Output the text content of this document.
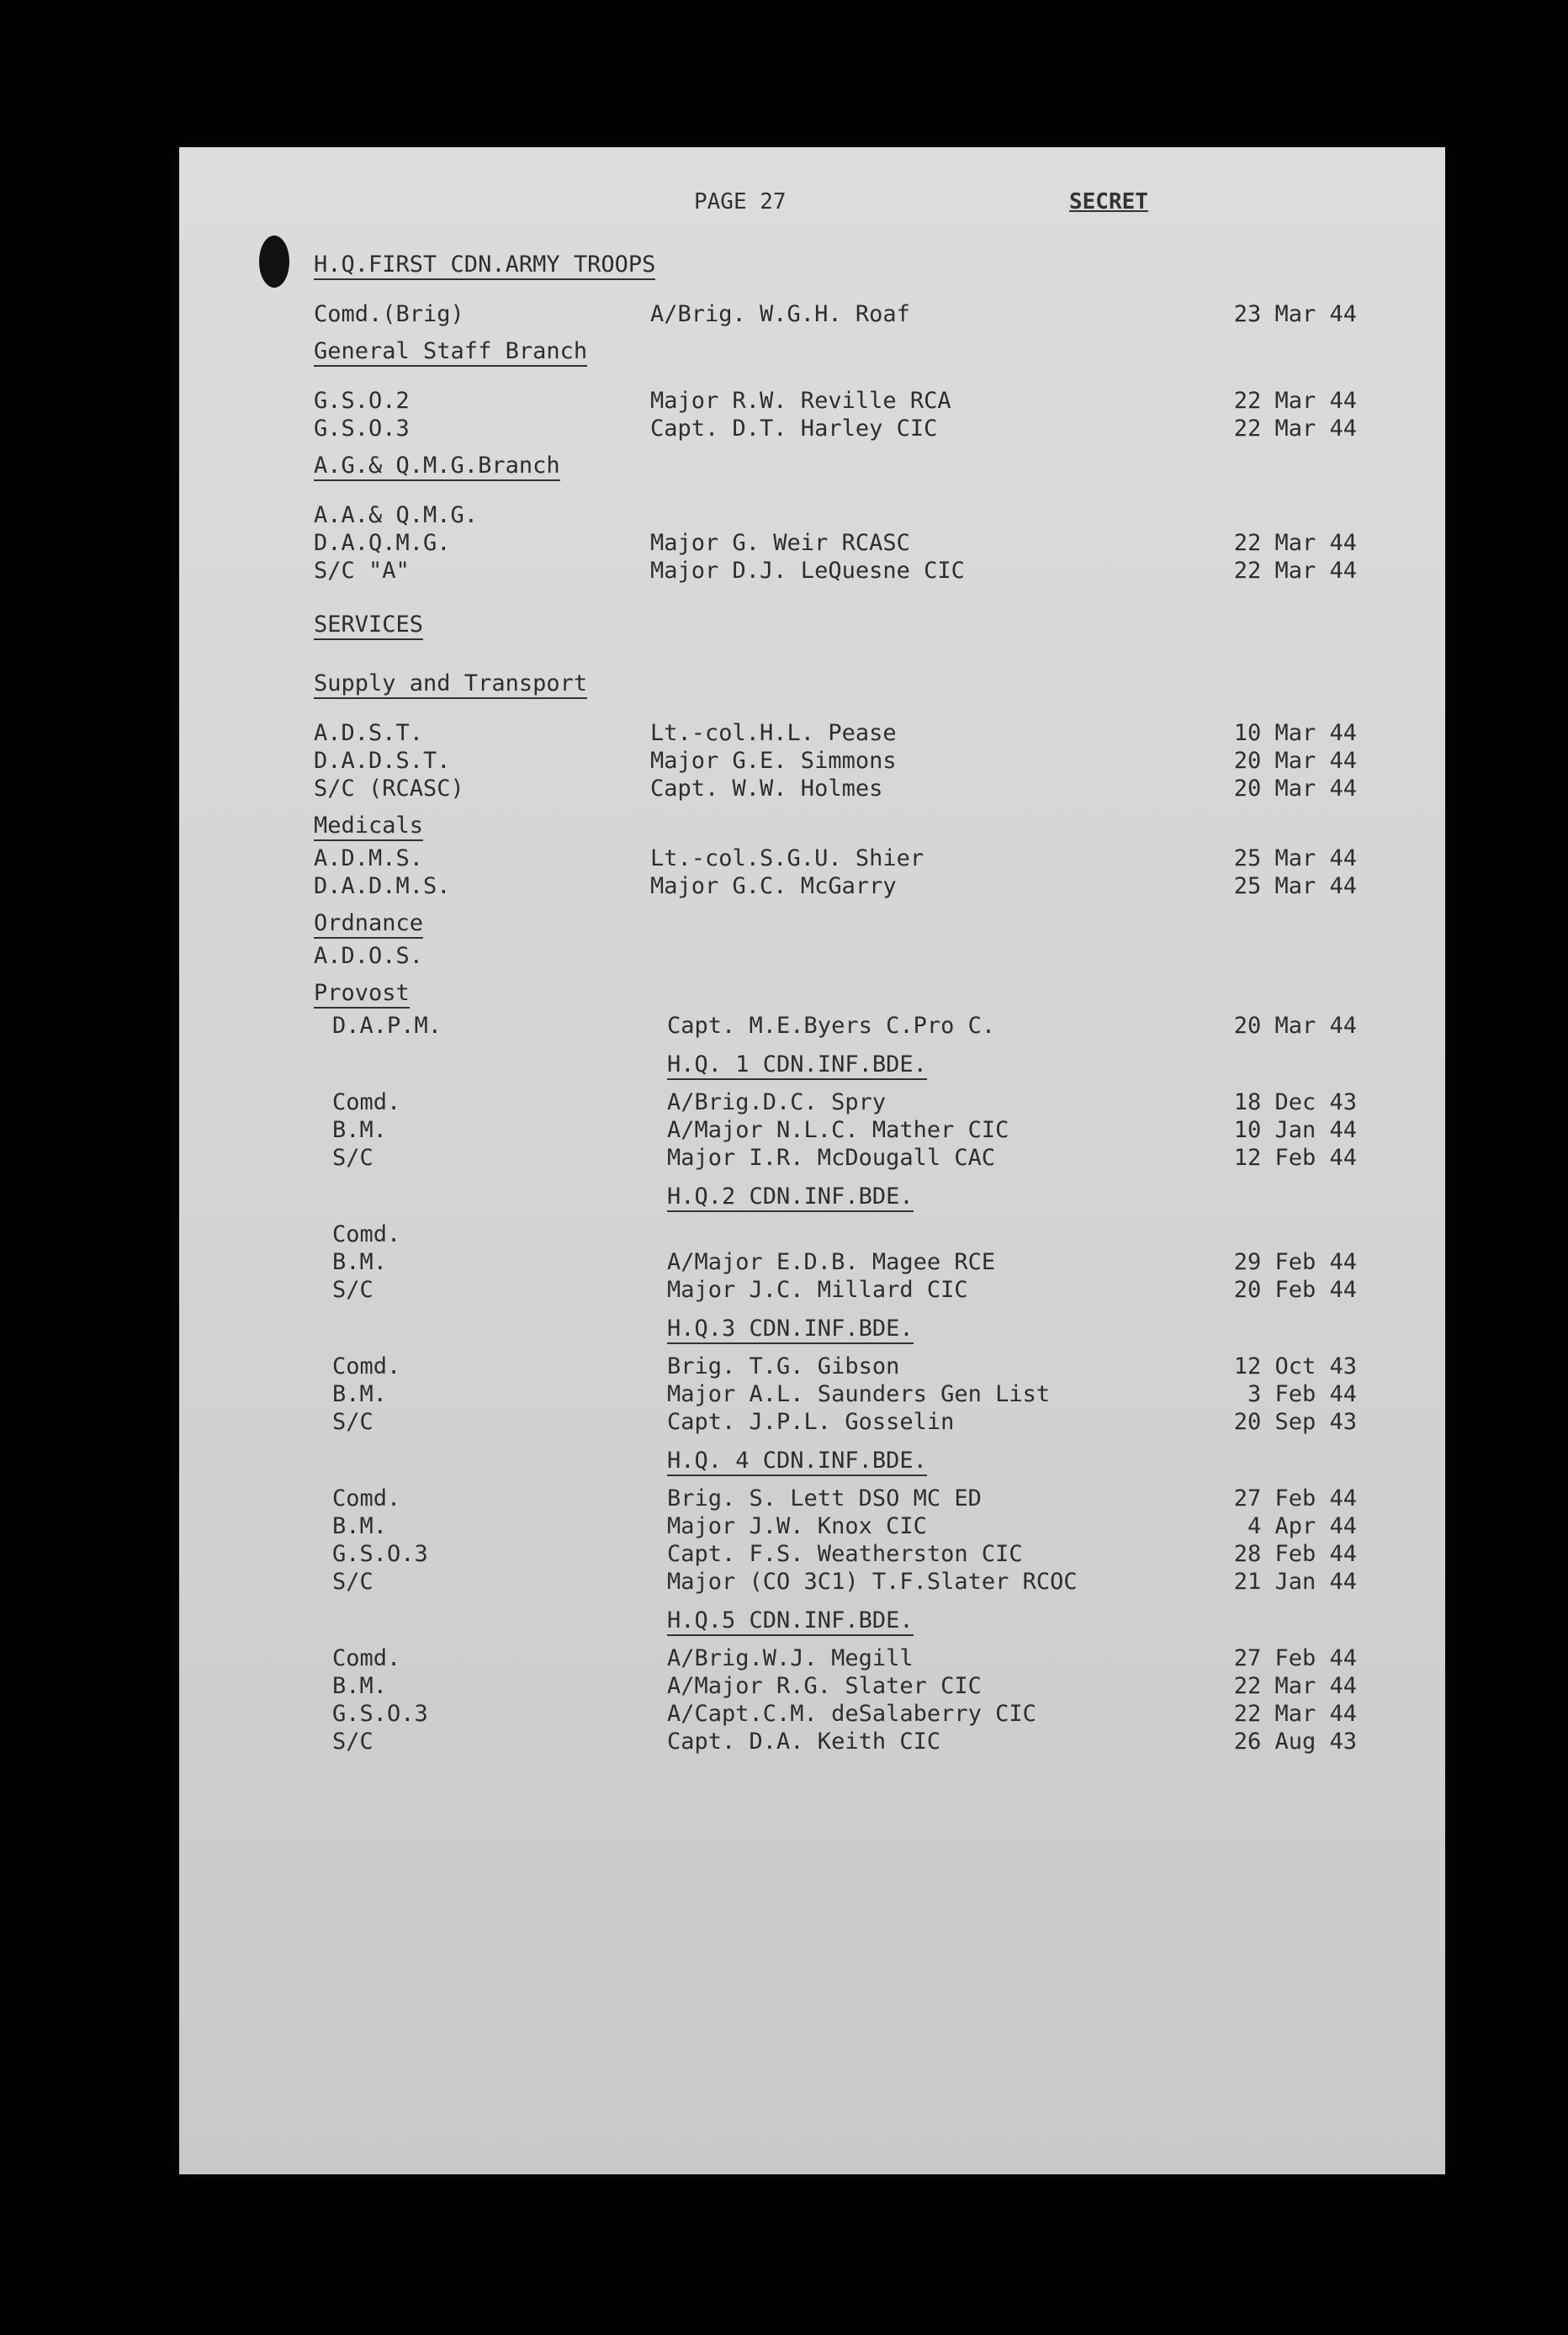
PAGE 27	SECRET
H.Q.FIRST CDN.ARMY TROOPS
Comd.(Brig)	A/Brig. W.G.H. Roaf	23 Mar 44
General Staff Branch
G.S.O.2	Major R.W. Reville RCA	22 Mar 44
G.S.O.3	Capt. D.T. Harley CIC	22 Mar 44
A.G.& Q.M.G.Branch
A.A.& Q.M.G.
D.A.Q.M.G.	Major G. Weir RCASC	22 Mar 44
S/C "A"	Major D.J. LeQuesne CIC	22 Mar 44
SERVICES
Supply and Transport
A.D.S.T.	Lt.-col.H.L. Pease	10 Mar 44
D.A.D.S.T.	Major G.E. Simmons	20 Mar 44
S/C (RCASC)	Capt. W.W. Holmes	20 Mar 44
Medicals
A.D.M.S.	Lt.-col.S.G.U. Shier	25 Mar 44
D.A.D.M.S.	Major G.C. McGarry	25 Mar 44
Ordnance
A.D.O.S.
Provost
D.A.P.M.	Capt. M.E.Byers C.Pro C.	20 Mar 44
H.Q. 1 CDN.INF.BDE.
Comd.	A/Brig.D.C. Spry	18 Dec 43
B.M.	A/Major N.L.C. Mather CIC	10 Jan 44
S/C	Major I.R. McDougall CAC	12 Feb 44
H.Q.2 CDN.INF.BDE.
Comd.
B.M.	A/Major E.D.B. Magee RCE	29 Feb 44
S/C	Major J.C. Millard CIC	20 Feb 44
H.Q.3 CDN.INF.BDE.
Comd.	Brig. T.G. Gibson	12 Oct 43
B.M.	Major A.L. Saunders Gen List	3 Feb 44
S/C	Capt. J.P.L. Gosselin	20 Sep 43
H.Q. 4 CDN.INF.BDE.
Comd.	Brig. S. Lett DSO MC ED	27 Feb 44
B.M.	Major J.W. Knox CIC	4 Apr 44
G.S.O.3	Capt. F.S. Weatherston CIC	28 Feb 44
S/C	Major (CO 3C1) T.F.Slater RCOC	21 Jan 44
H.Q.5 CDN.INF.BDE.
Comd.	A/Brig.W.J. Megill	27 Feb 44
B.M.	A/Major R.G. Slater CIC	22 Mar 44
G.S.O.3	A/Capt.C.M. deSalaberry CIC	22 Mar 44
S/C	Capt. D.A. Keith CIC	26 Aug 43
